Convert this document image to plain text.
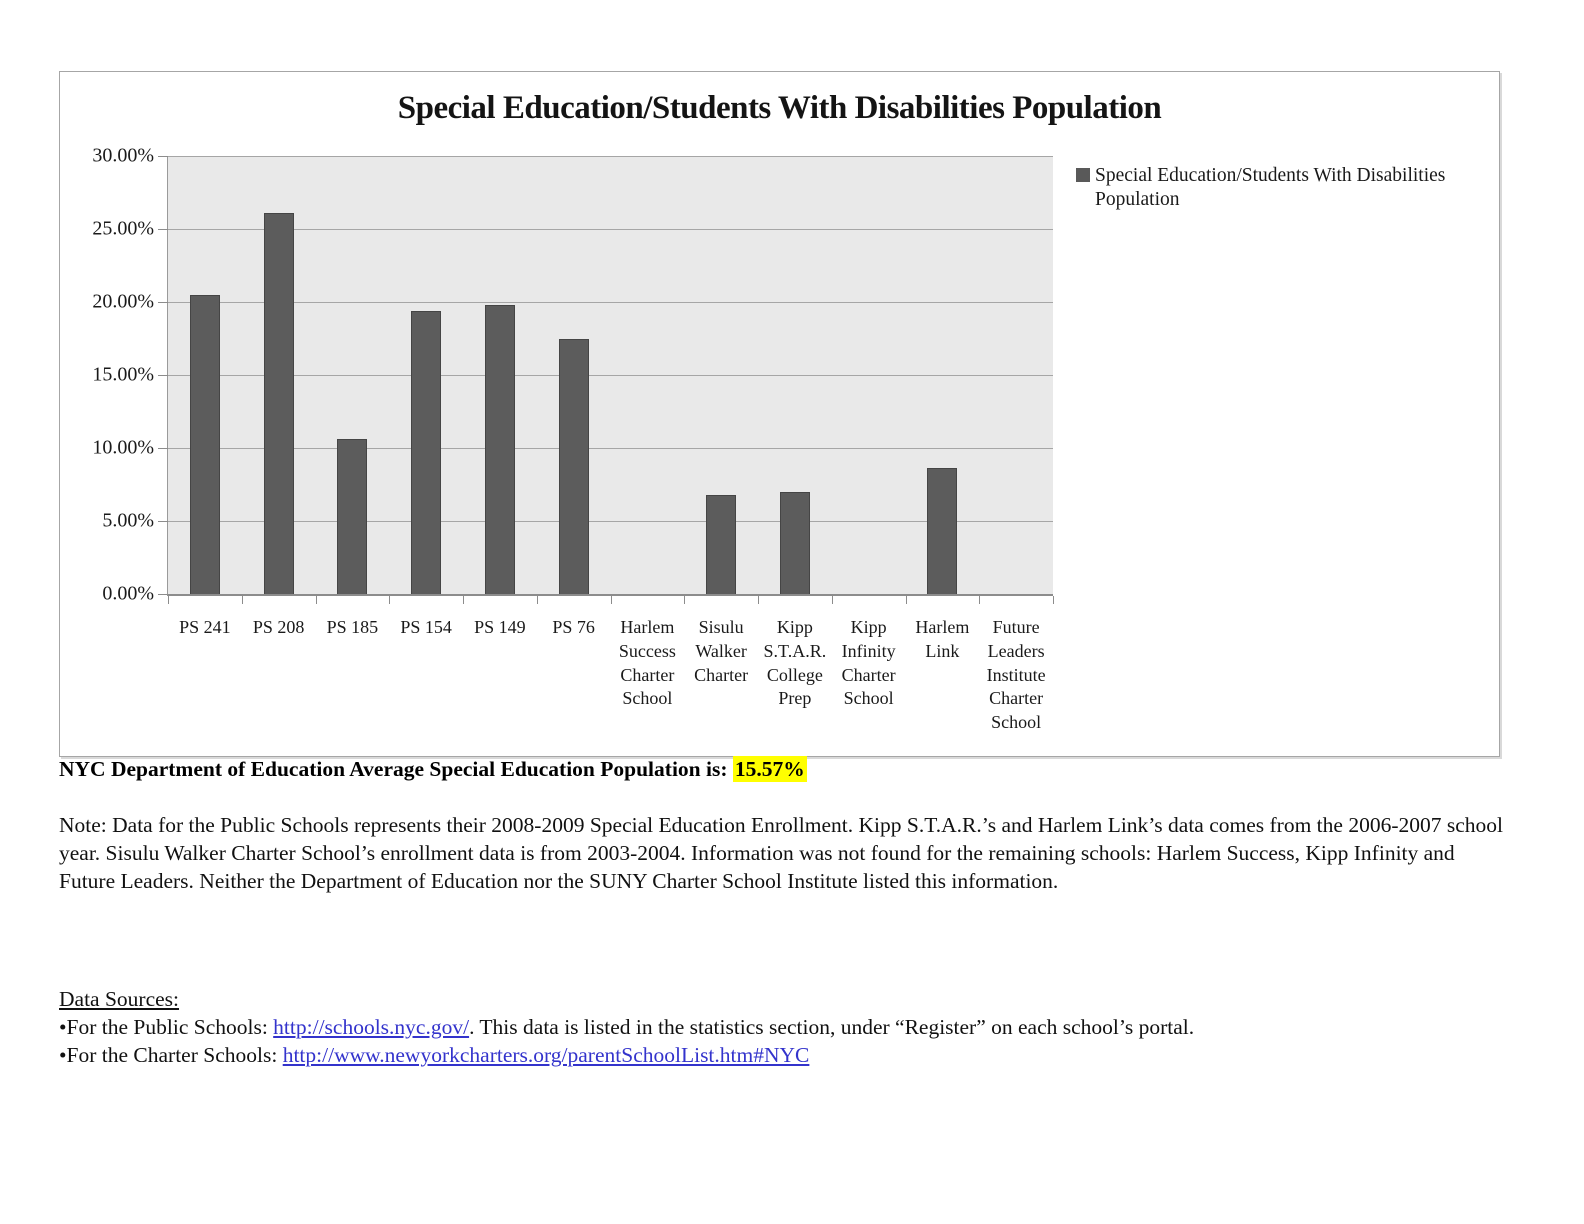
Special Education/Students With Disabilities Population
0.00%
5.00%
10.00%
15.00%
20.00%
25.00%
30.00%
PS 241	PS 208	PS 185	PS 154	PS 149	PS 76	Harlem Success Charter School
Sisulu Walker Charter
Kipp S.T.A.R. College Prep
Kipp Infinity Charter School
Harlem Link
Future Leaders Institute Charter School
Special Education/Students With Disabilities Population
NYC Department of Education Average Special Education Population is: 15.57%
Note: Data for the Public Schools represents their 2008-2009 Special Education Enrollment. Kipp S.T.A.R.’s and Harlem Link’s data comes from the 2006-2007 school year. Sisulu Walker Charter School’s enrollment data is from 2003-2004. Information was not found for the remaining schools: Harlem Success, Kipp Infinity and Future Leaders. Neither the Department of Education nor the SUNY Charter School Institute listed this information.
Data Sources:
•For the Public Schools: http://schools.nyc.gov/. This data is listed in the statistics section, under “Register” on each school’s portal.
•For the Charter Schools: http://www.newyorkcharters.org/parentSchoolList.htm#NYC
